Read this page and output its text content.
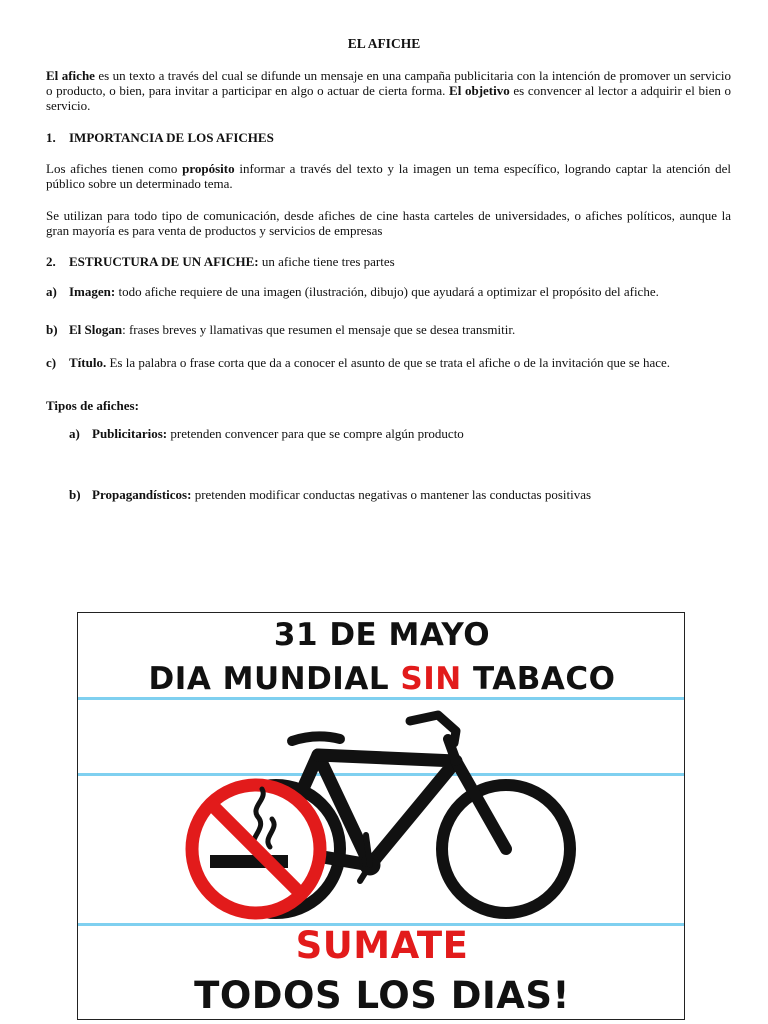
EL AFICHE
El afiche es un texto a través del cual se difunde un mensaje en una campaña publicitaria con la intención de promover un servicio o producto, o bien, para invitar a participar en algo o actuar de cierta forma. El objetivo es convencer al lector a adquirir el bien o servicio.
1. IMPORTANCIA DE LOS AFICHES
Los afiches tienen como propósito informar a través del texto y la imagen un tema específico, logrando captar la atención del público sobre un determinado tema.
Se utilizan para todo tipo de comunicación, desde afiches de cine hasta carteles de universidades, o afiches políticos, aunque la gran mayoría es para venta de productos y servicios de empresas
2. ESTRUCTURA DE UN AFICHE: un afiche tiene tres partes
a) Imagen: todo afiche requiere de una imagen (ilustración, dibujo) que ayudará a optimizar el propósito del afiche.
b) El Slogan: frases breves y llamativas que resumen el mensaje que se desea transmitir.
c) Título. Es la palabra o frase corta que da a conocer el asunto de que se trata el afiche o de la invitación que se hace.
Tipos de afiches:
a) Publicitarios: pretenden convencer para que se compre algún producto
b) Propagandísticos: pretenden modificar conductas negativas o mantener las conductas positivas
31 DE MAYO
DIA MUNDIAL SIN TABACO
SUMATE
TODOS LOS DIAS!
